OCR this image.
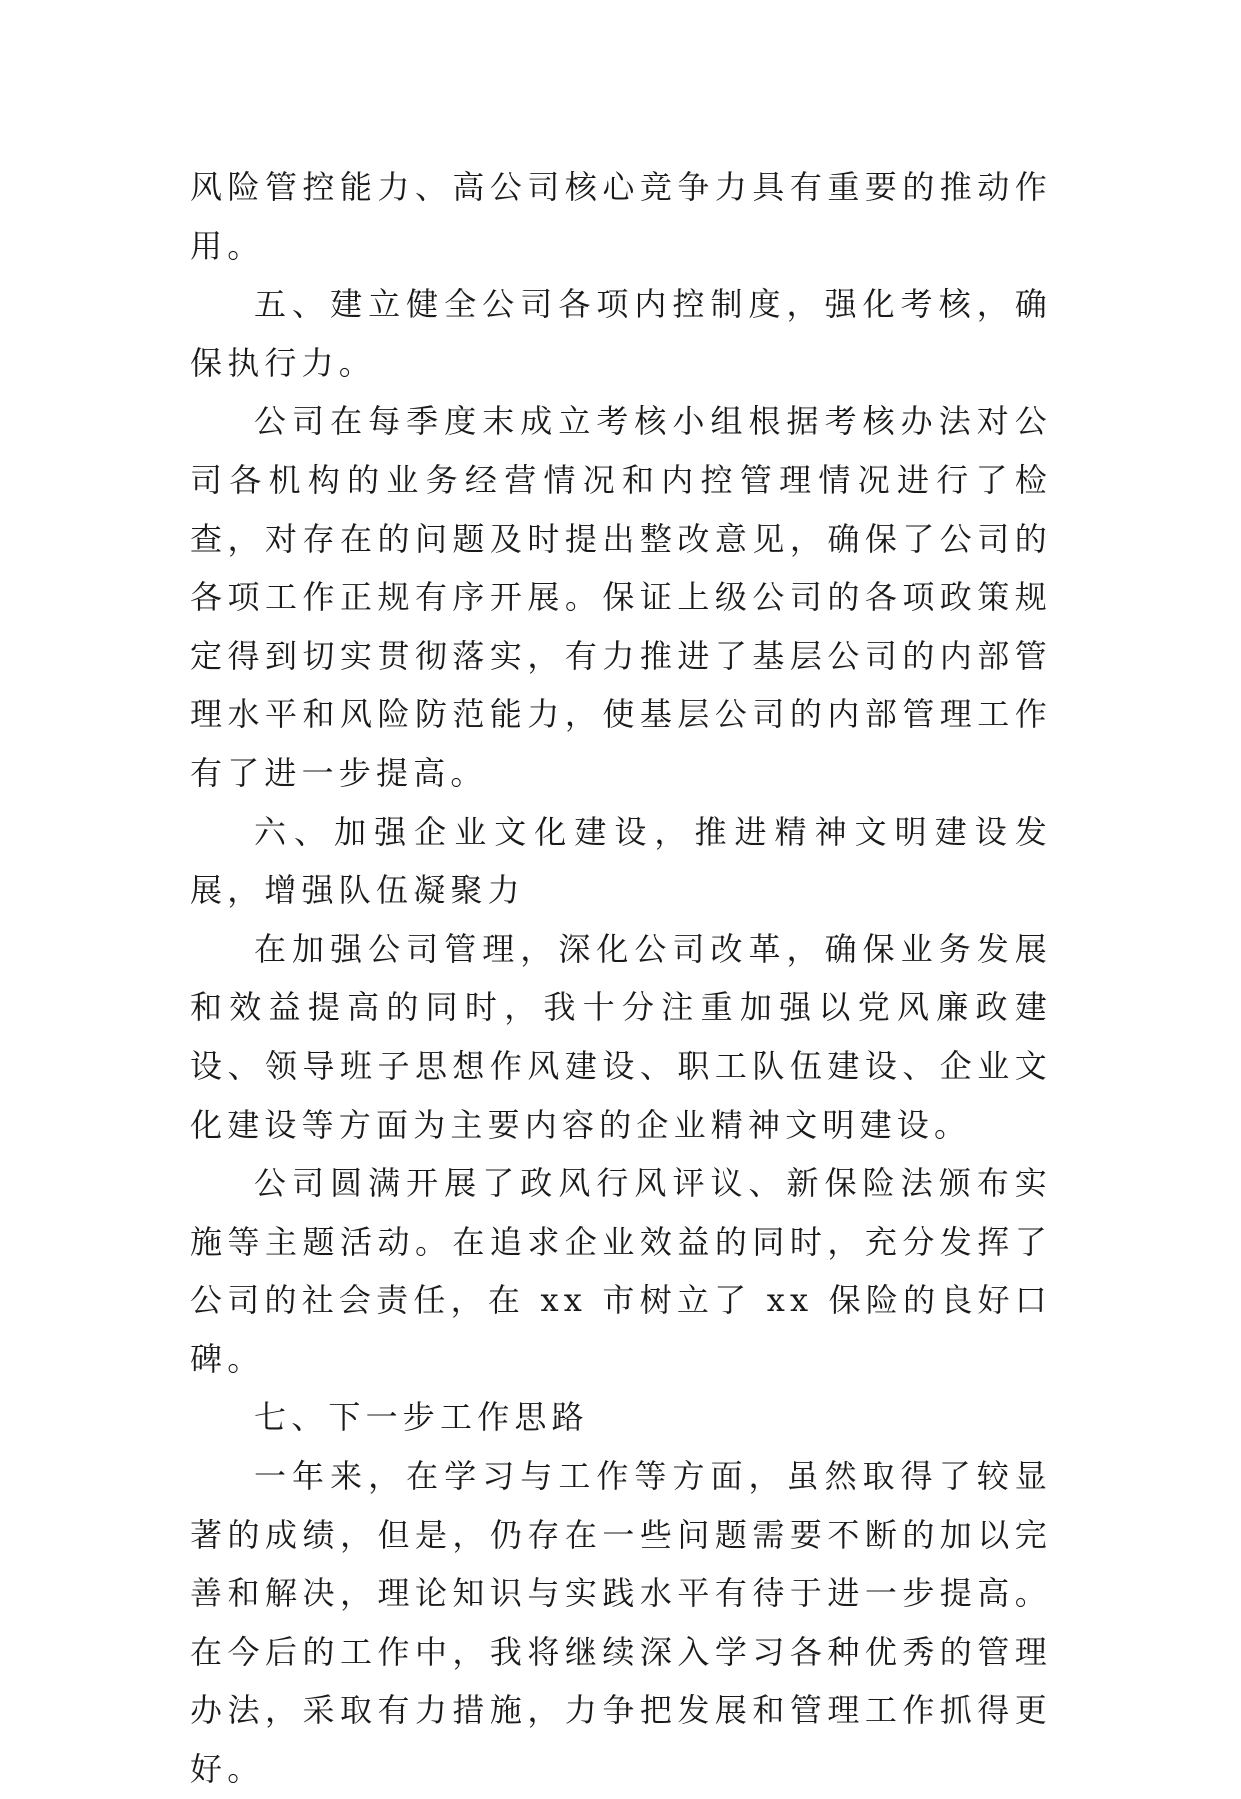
风险管控能力、高公司核心竞争力具有重要的推动作用。

五、建立健全公司各项内控制度，强化考核，确保执行力。

公司在每季度末成立考核小组根据考核办法对公司各机构的业务经营情况和内控管理情况进行了检查，对存在的问题及时提出整改意见，确保了公司的各项工作正规有序开展。保证上级公司的各项政策规定得到切实贯彻落实，有力推进了基层公司的内部管理水平和风险防范能力，使基层公司的内部管理工作有了进一步提高。

六、加强企业文化建设，推进精神文明建设发展，增强队伍凝聚力

在加强公司管理，深化公司改革，确保业务发展和效益提高的同时，我十分注重加强以党风廉政建设、领导班子思想作风建设、职工队伍建设、企业文化建设等方面为主要内容的企业精神文明建设。

公司圆满开展了政风行风评议、新保险法颁布实施等主题活动。在追求企业效益的同时，充分发挥了公司的社会责任，在 xx 市树立了 xx 保险的良好口碑。

七、下一步工作思路

一年来，在学习与工作等方面，虽然取得了较显著的成绩，但是，仍存在一些问题需要不断的加以完善和解决，理论知识与实践水平有待于进一步提高。在今后的工作中，我将继续深入学习各种优秀的管理办法，采取有力措施，力争把发展和管理工作抓得更好。
